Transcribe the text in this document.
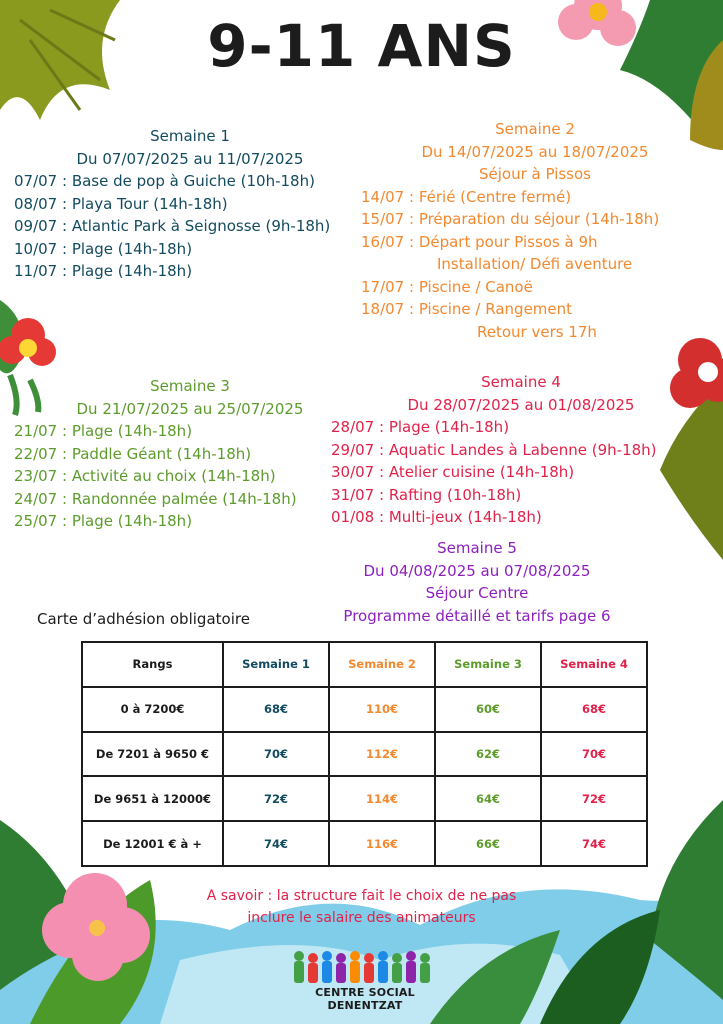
9-11 ANS
Semaine 1
Du 07/07/2025 au 11/07/2025
07/07 : Base de pop à Guiche (10h-18h)
08/07 : Playa Tour (14h-18h)
09/07 : Atlantic Park à Seignosse (9h-18h)
10/07 : Plage (14h-18h)
11/07 : Plage (14h-18h)
Semaine 2
Du 14/07/2025 au 18/07/2025
Séjour à Pissos
14/07 : Férié (Centre fermé)
15/07 : Préparation du séjour (14h-18h)
16/07 : Départ pour Pissos à 9h
Installation/ Défi aventure
17/07 : Piscine / Canoë
18/07 : Piscine / Rangement
Retour vers 17h
Semaine 3
Du 21/07/2025 au 25/07/2025
21/07 : Plage (14h-18h)
22/07 : Paddle Géant (14h-18h)
23/07 : Activité au choix (14h-18h)
24/07 : Randonnée palmée (14h-18h)
25/07 : Plage (14h-18h)
Semaine 4
Du 28/07/2025 au 01/08/2025
28/07 : Plage (14h-18h)
29/07 : Aquatic Landes à Labenne (9h-18h)
30/07 : Atelier cuisine (14h-18h)
31/07 : Rafting (10h-18h)
01/08 : Multi-jeux (14h-18h)
Semaine 5
Du 04/08/2025 au 07/08/2025
Séjour Centre
Programme détaillé et tarifs page 6
Carte d’adhésion obligatoire
Rangs	Semaine 1	Semaine 2	Semaine 3	Semaine 4
0 à 7200€	68€	110€	60€	68€
De 7201 à 9650 €	70€	112€	62€	70€
De 9651 à 12000€	72€	114€	64€	72€
De 12001 € à +	74€	116€	66€	74€
A savoir : la structure fait le choix de ne pas
inclure le salaire des animateurs
CENTRE SOCIAL DENENTZAT
